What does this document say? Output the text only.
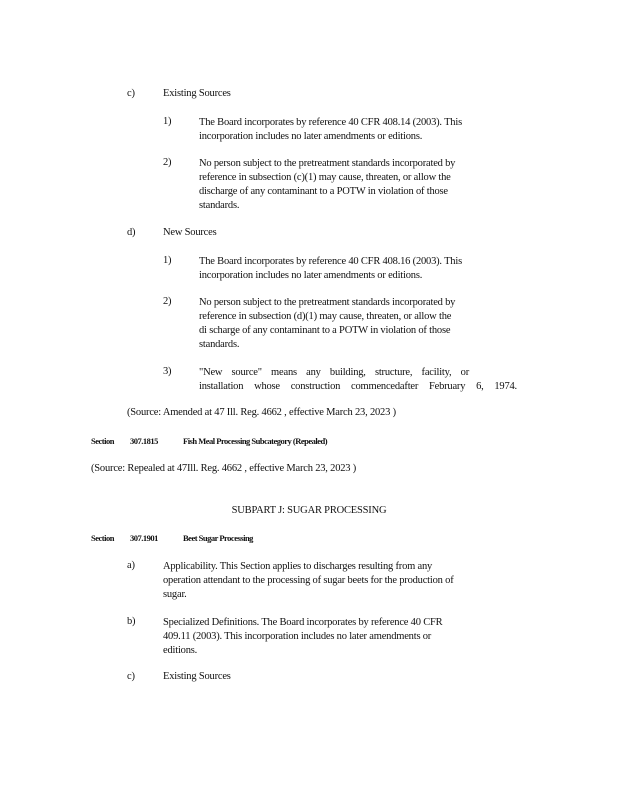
c)	Existing Sources
1)	The Board incorporates by reference 40 CFR 408.14 (2003). This
incorporation includes no later amendments or editions.
2)	No person subject to the pretreatment standards incorporated by
reference in subsection (c)(1) may cause, threaten, or allow the
discharge of any contaminant to a POTW in violation of those
standards.
d)	New Sources
1)	The Board incorporates by reference 40 CFR 408.16 (2003). This
incorporation includes no later amendments or editions.
2)	No person subject to the pretreatment standards incorporated by
reference in subsection (d)(1) may cause, threaten, or allow the
di scharge of any contaminant to a POTW in violation of those
standards.
3)	"New source" means any building, structure, facility, or
installation whose construction commencedafter February 6, 1974.
(Source: Amended at 47 Ill. Reg. 4662 , effective March 23, 2023 )
Section 307.1815	Fish Meal Processing Subcategory (Repealed)
(Source: Repealed at 47Ill. Reg. 4662 , effective March 23, 2023 )
SUBPART J: SUGAR PROCESSING
Section 307.1901	Beet Sugar Processing
a)	Applicability. This Section applies to discharges resulting from any
operation attendant to the processing of sugar beets for the production of
sugar.
b)	Specialized Definitions. The Board incorporates by reference 40 CFR
409.11 (2003). This incorporation includes no later amendments or
editions.
c)	Existing Sources
